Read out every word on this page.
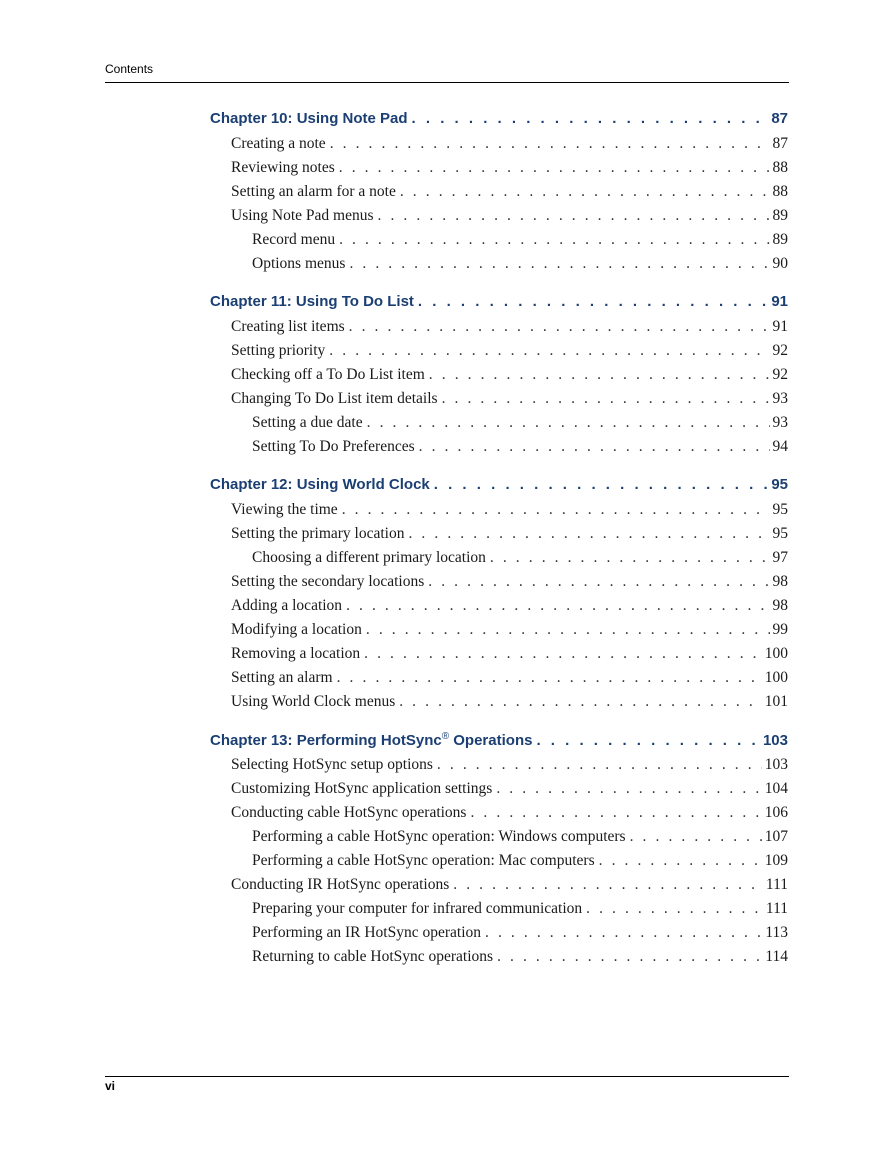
Contents
Chapter 10: Using Note Pad . . .	87
Creating a note . . .	87
Reviewing notes . . .	88
Setting an alarm for a note . . .	88
Using Note Pad menus . . .	89
Record menu . . .	89
Options menus . . .	90
Chapter 11: Using To Do List . . .	91
Creating list items . . .	91
Setting priority . . .	92
Checking off a To Do List item . . .	92
Changing To Do List item details . . .	93
Setting a due date . . .	93
Setting To Do Preferences . . .	94
Chapter 12: Using World Clock . . .	95
Viewing the time . . .	95
Setting the primary location . . .	95
Choosing a different primary location . . .	97
Setting the secondary locations . . .	98
Adding a location . . .	98
Modifying a location . . .	99
Removing a location . . .	100
Setting an alarm . . .	100
Using World Clock menus . . .	101
Chapter 13: Performing HotSync® Operations . . .	103
Selecting HotSync setup options . . .	103
Customizing HotSync application settings . . .	104
Conducting cable HotSync operations . . .	106
Performing a cable HotSync operation: Windows computers . . .	107
Performing a cable HotSync operation: Mac computers . . .	109
Conducting IR HotSync operations . . .	111
Preparing your computer for infrared communication . . .	111
Performing an IR HotSync operation . . .	113
Returning to cable HotSync operations . . .	114
vi
